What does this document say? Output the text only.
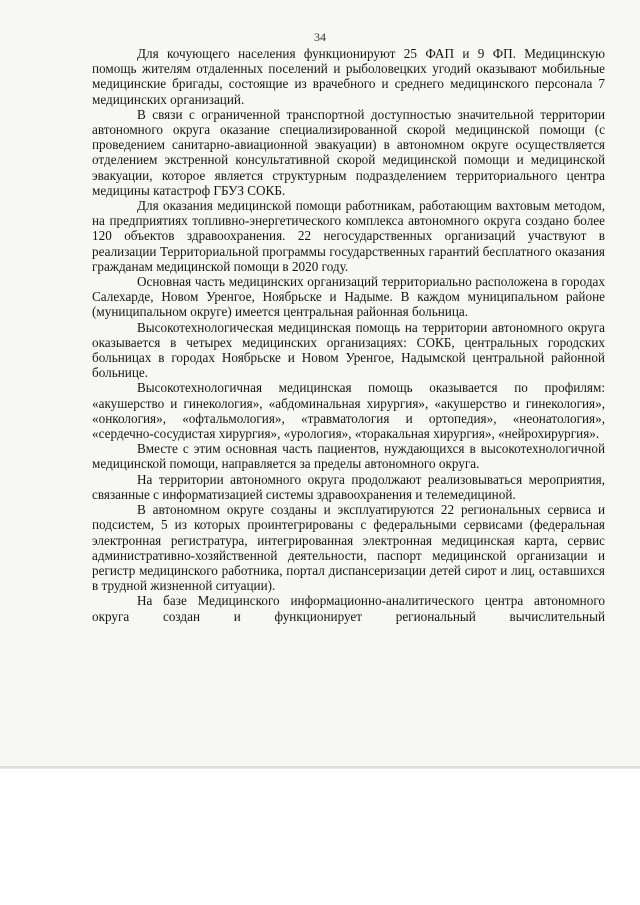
34

Для кочующего населения функционируют 25 ФАП и 9 ФП. Медицинскую помощь жителям отдаленных поселений и рыболовецких угодий оказывают мобильные медицинские бригады, состоящие из врачебного и среднего медицинского персонала 7 медицинских организаций.

В связи с ограниченной транспортной доступностью значительной территории автономного округа оказание специализированной скорой медицинской помощи (с проведением санитарно-авиационной эвакуации) в автономном округе осуществляется отделением экстренной консультативной скорой медицинской помощи и медицинской эвакуации, которое является структурным подразделением территориального центра медицины катастроф ГБУЗ СОКБ.

Для оказания медицинской помощи работникам, работающим вахтовым методом, на предприятиях топливно-энергетического комплекса автономного округа создано более 120 объектов здравоохранения. 22 негосударственных организаций участвуют в реализации Территориальной программы государственных гарантий бесплатного оказания гражданам медицинской помощи в 2020 году.

Основная часть медицинских организаций территориально расположена в городах Салехарде, Новом Уренгое, Ноябрьске и Надыме. В каждом муниципальном районе (муниципальном округе) имеется центральная районная больница.

Высокотехнологическая медицинская помощь на территории автономного округа оказывается в четырех медицинских организациях: СОКБ, центральных городских больницах в городах Ноябрьске и Новом Уренгое, Надымской центральной районной больнице.

Высокотехнологичная медицинская помощь оказывается по профилям: «акушерство и гинекология», «абдоминальная хирургия», «акушерство и гинекология», «онкология», «офтальмология», «травматология и ортопедия», «неонатология», «сердечно-сосудистая хирургия», «урология», «торакальная хирургия», «нейрохирургия».

Вместе с этим основная часть пациентов, нуждающихся в высокотехнологичной медицинской помощи, направляется за пределы автономного округа.

На территории автономного округа продолжают реализовываться мероприятия, связанные с информатизацией системы здравоохранения и телемедициной.

В автономном округе созданы и эксплуатируются 22 региональных сервиса и подсистем, 5 из которых проинтегрированы с федеральными сервисами (федеральная электронная регистратура, интегрированная электронная медицинская карта, сервис административно-хозяйственной деятельности, паспорт медицинской организации и регистр медицинского работника, портал диспансеризации детей сирот и лиц, оставшихся в трудной жизненной ситуации).

На базе Медицинского информационно-аналитического центра автономного округа создан и функционирует региональный вычислительный
